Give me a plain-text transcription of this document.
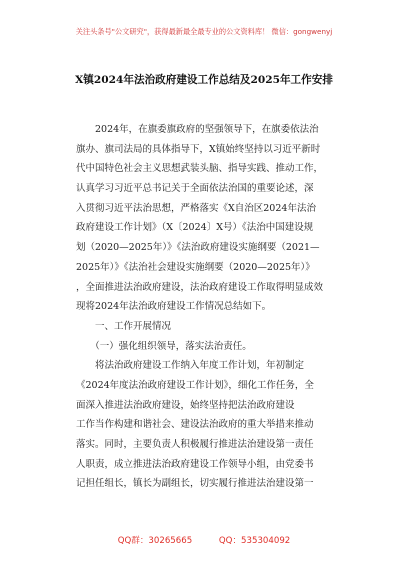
关注头条号"公文研究"，获得最新最全最专业的公文资料库！ 微信：gongwenyj
X镇2024年法治政府建设工作总结及2025年工作安排
　　2024年，在旗委旗政府的坚强领导下，在旗委依法治
旗办、旗司法局的具体指导下，X镇始终坚持以习近平新时
代中国特色社会主义思想武装头脑、指导实践、推动工作，
认真学习习近平总书记关于全面依法治国的重要论述，深
入贯彻习近平法治思想，严格落实《X自治区2024年法治
政府建设工作计划》（X〔2024〕X号）《法治中国建设规
划（2020—2025年）》《法治政府建设实施纲要（2021—
2025年）》《法治社会建设实施纲要（2020—2025年）》
，全面推进法治政府建设，法治政府建设工作取得明显成效
现将2024年法治政府建设工作情况总结如下。
　　一、工作开展情况
　　（一）强化组织领导，落实法治责任。
　　将法治政府建设工作纳入年度工作计划，年初制定
《2024年度法治政府建设工作计划》，细化工作任务，全
面深入推进法治政府建设，始终坚持把法治政府建设
工作当作构建和谐社会、建设法治政府的重大举措来推动
落实。同时，主要负责人积极履行推进法治建设第一责任
人职责，成立推进法治政府建设工作领导小组，由党委书
记担任组长，镇长为副组长，切实履行推进法治建设第一
QQ群：30265665	QQ：535304092
